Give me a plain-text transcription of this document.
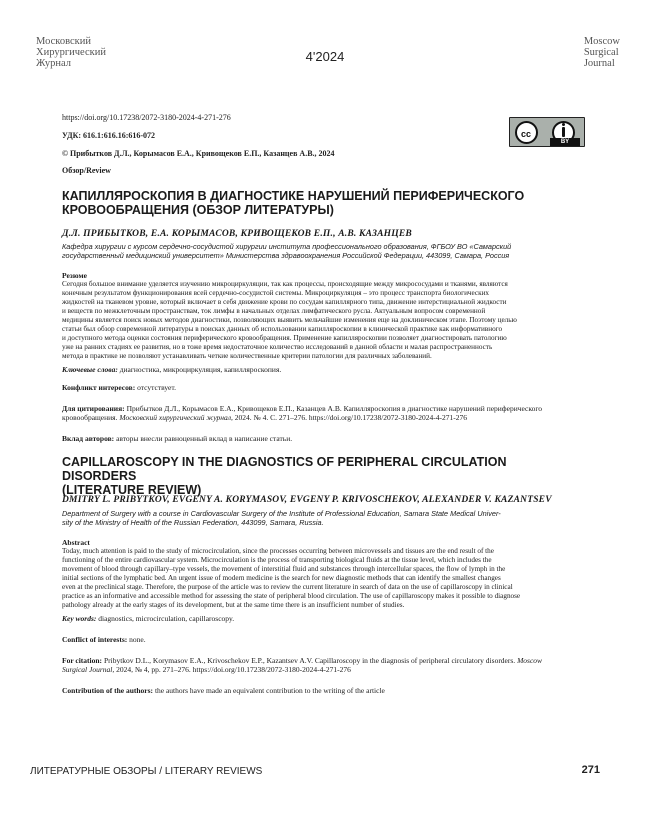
Московский
Хирургический
Журнал	4'2024
Moscow
Surgical
Journal
https://doi.org/10.17238/2072-3180-2024-4-271-276
УДК: 616.1:616.16:616-072
© Прибытков Д.Л., Корымасов Е.А., Кривощеков Е.П., Казанцев А.В., 2024
Обзор/Review
cc
BY
КАПИЛЛЯРОСКОПИЯ В ДИАГНОСТИКЕ НАРУШЕНИЙ ПЕРИФЕРИЧЕСКОГО
КРОВООБРАЩЕНИЯ (ОБЗОР ЛИТЕРАТУРЫ)
Д.Л. ПРИБЫТКОВ, Е.А. КОРЫМАСОВ, КРИВОЩЕКОВ Е.П., А.В. КАЗАНЦЕВ
Кафедра хирургии с курсом сердечно-сосудистой хирургии института профессионального образования, ФГБОУ ВО «Самарский
государственный медицинский университет» Министерства здравоохранения Российской Федерации, 443099, Самара, Россия
Резюме
Сегодня большое внимание уделяется изучению микроциркуляции, так как процессы, происходящие между микрососудами и тканями, являются
конечным результатом функционирования всей сердечно-сосудистой системы. Микроциркуляция – это процесс транспорта биологических
жидкостей на тканевом уровне, который включает в себя движение крови по сосудам капиллярного типа, движение интерстициальной жидкости
и веществ по межклеточным пространствам, ток лимфы в начальных отделах лимфатического русла. Актуальным вопросом современной
медицины является поиск новых методов диагностики, позволяющих выявить мельчайшие изменения еще на доклиническом этапе. Поэтому целью
статьи был обзор современной литературы в поисках данных об использовании капилляроскопии в клинической практике как информативного
и доступного метода оценки состояния периферического кровообращения. Применение капилляроскопии позволяет диагностировать патологию
уже на ранних стадиях ее развития, но в тоже время недостаточное количество исследований в данной области и малая распространенность
метода в практике не позволяют устанавливать четкие количественные критерии патологии для различных заболеваний.
Ключевые слова: диагностика, микроциркуляция, капилляроскопия.
Конфликт интересов: отсутствует.
Для цитирования: Прибытков Д.Л., Корымасов Е.А., Кривощеков Е.П., Казанцев А.В. Капилляроскопия в диагностике нарушений периферического
кровообращения. Московский хирургический журнал, 2024. № 4. С. 271–276. https://doi.org/10.17238/2072-3180-2024-4-271-276
Вклад авторов: авторы внесли равноценный вклад в написание статьи.
CAPILLAROSCOPY IN THE DIAGNOSTICS OF PERIPHERAL CIRCULATION DISORDERS
(LITERATURE REVIEW)
DMITRY L. PRIBYTKOV, EVGENY A. KORYMASOV, EVGENY P. KRIVOSCHEKOV, ALEXANDER V. KAZANTSEV
Department of Surgery with a course in Cardiovascular Surgery of the Institute of Professional Education, Samara State Medical Univer-
sity of the Ministry of Health of the Russian Federation, 443099, Samara, Russia.
Abstract
Today, much attention is paid to the study of microcirculation, since the processes occurring between microvessels and tissues are the end result of the
functioning of the entire cardiovascular system. Microcirculation is the process of transporting biological fluids at the tissue level, which includes the
movement of blood through capillary–type vessels, the movement of interstitial fluid and substances through intercellular spaces, the flow of lymph in the
initial sections of the lymphatic bed. An urgent issue of modern medicine is the search for new diagnostic methods that can identify the smallest changes
even at the preclinical stage. Therefore, the purpose of the article was to review the current literature in search of data on the use of capillaroscopy in clinical
practice as an informative and accessible method for assessing the state of peripheral blood circulation. The use of capillaroscopy makes it possible to diagnose
pathology already at the early stages of its development, but at the same time there is an insufficient number of studies.
Key words: diagnostics, microcirculation, capillaroscopy.
Conflict of interests: none.
For citation: Pribytkov D.L., Korymasov E.A., Krivoschekov E.P., Kazantsev A.V. Capillaroscopy in the diagnosis of peripheral circulatory disorders. Moscow
Surgical Journal, 2024, № 4, pp. 271–276. https://doi.org/10.17238/2072-3180-2024-4-271-276
Contribution of the authors: the authors have made an equivalent contribution to the writing of the article
ЛИТЕРАТУРНЫЕ ОБЗОРЫ / LITERARY REVIEWS	271
